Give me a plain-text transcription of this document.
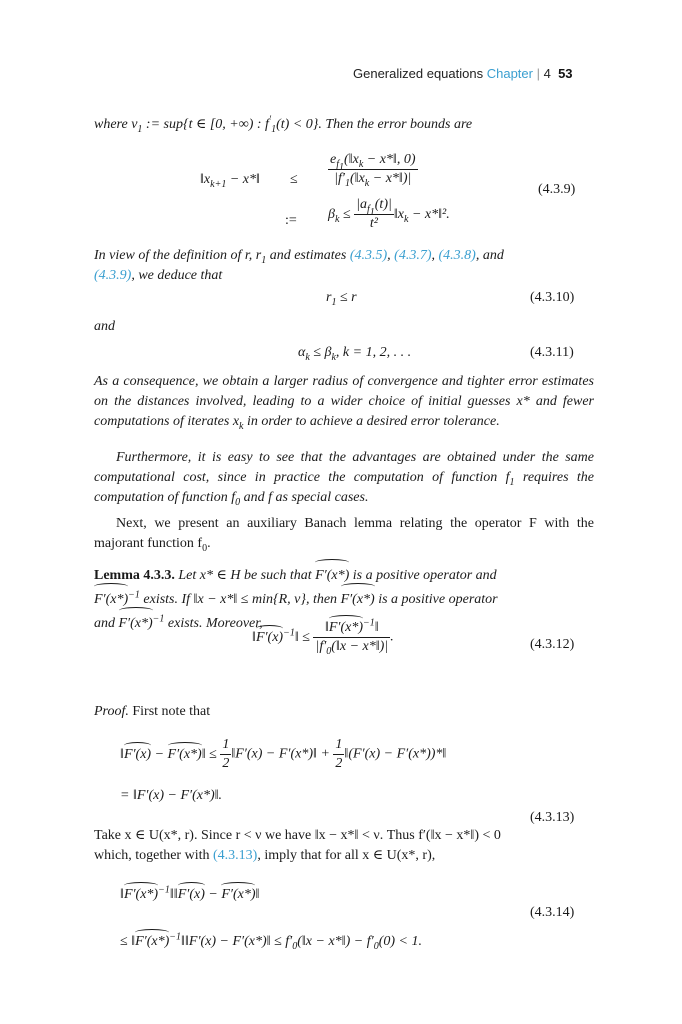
Generalized equations Chapter | 4 53
where $\nu_1$ := sup{t ∈ [0, +∞) : $f'_1(t) < 0$}. Then the error bounds are
$‖x_{k+1}$ − x*‖ ≤ $\frac{e_{f_1}(‖x_k - x*‖, 0)}{|f'_1(‖x_k - x*‖)|}$
(4.3.9)
:= $\beta_k \le \frac{|a_{f_1}(t)|}{\text{t²}}$ $‖x_k$ − x*‖².
In view of the definition of r, $r_1$ and estimates (4.3.5), (4.3.7), (4.3.8), and
(4.3.9), we deduce that
$r_1 \le r$	(4.3.10)
and
$\alpha_k \le \beta_k$, k = 1, 2, . . .	(4.3.11)
As a consequence, we obtain a larger radius of convergence and tighter error estimates on the distances involved, leading to a wider choice of initial guesses x* and fewer computations of iterates $x_k$ in order to achieve a desired error tolerance.
Furthermore, it is easy to see that the advantages are obtained under the same computational cost, since in practice the computation of function $f_1$ requires the computation of function $f_0$ and f as special cases.
Next, we present an auxiliary Banach lemma relating the operator F with the majorant function $f_0$.
Lemma 4.3.3. Let x* ∈ H be such that F′(x*) is a positive operator and
$F'(x*)^{-1}$ exists. If ‖x − x*‖ ≤ min{R, ν}, then F′(x*) is a positive operator
and $F'(x*)^{-1}$ exists. Moreover,
$‖F'(x)^{-1}‖ \le \frac{‖F'(x*)^{-1}‖}{|f'_0(‖x - x*‖)|}$ .	(4.3.12)
Proof. First note that
‖F′(x) − F′(x*)‖ ≤ $\frac{1}{2}$ ‖F′(x) − F′(x*)‖ + $\frac{1}{2}$ ‖(F′(x) − F′(x*))*‖
= ‖F′(x) − F′(x*)‖.
(4.3.13)
Take x ∈ U(x*, r). Since r < ν we have ‖x − x*‖ < ν. Thus f′(‖x − x*‖) < 0
which, together with (4.3.13), imply that for all x ∈ U(x*, r),
$‖F'(x*)^{-1}‖‖F'(x)$ − F′(x*)‖
(4.3.14)
≤ $‖F'(x*)^{-1}‖‖F'(x)$ − F′(x*)‖ ≤ $f'_0(‖x$ − x*‖) − $f'_0(0) < 1$.
